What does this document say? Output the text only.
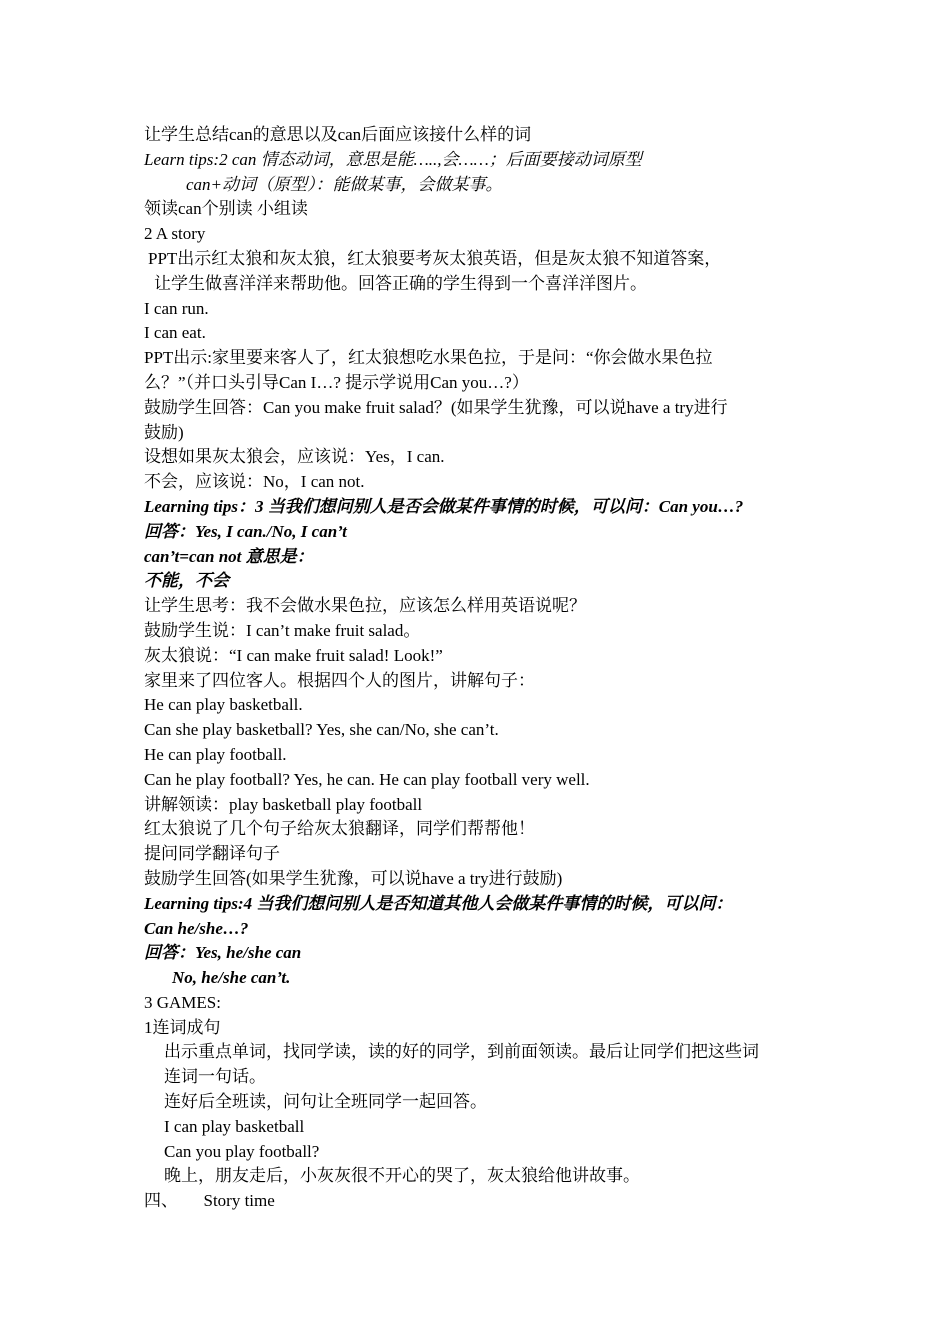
让学生总结can的意思以及can后面应该接什么样的词
Learn tips:2 can 情态动词，意思是能…..,会……；后面要接动词原型
can+动词（原型）：能做某事，会做某事。
领读can个别读 小组读
2 A story
PPT出示红太狼和灰太狼，红太狼要考灰太狼英语，但是灰太狼不知道答案，
让学生做喜洋洋来帮助他。回答正确的学生得到一个喜洋洋图片。
I can run.
I can eat.
PPT出示:家里要来客人了，红太狼想吃水果色拉，于是问：“你会做水果色拉
么？”（并口头引导Can I…? 提示学说用Can you…?）
鼓励学生回答：Can you make fruit salad？(如果学生犹豫，可以说have a try进行
鼓励)
设想如果灰太狼会，应该说：Yes，I can.
不会，应该说：No，I can not.
Learning tips：3 当我们想问别人是否会做某件事情的时候，可以问：Can you…?
回答：Yes, I can./No, I can’t
can’t=can not 意思是：
不能，不会
让学生思考：我不会做水果色拉，应该怎么样用英语说呢？
鼓励学生说：I can’t make fruit salad。
灰太狼说：“I can make fruit salad! Look!”
家里来了四位客人。根据四个人的图片，讲解句子：
He can play basketball.
Can she play basketball? Yes, she can/No, she can’t.
He can play football.
Can he play football? Yes, he can. He can play football very well.
讲解领读：play basketball play football
红太狼说了几个句子给灰太狼翻译，同学们帮帮他！
提问同学翻译句子
鼓励学生回答(如果学生犹豫，可以说have a try进行鼓励)
Learning tips:4 当我们想问别人是否知道其他人会做某件事情的时候，可以问：
Can he/she…?
回答：Yes, he/she can
No, he/she can’t.
3 GAMES:
1连词成句
出示重点单词，找同学读，读的好的同学，到前面领读。最后让同学们把这些词
连词一句话。
连好后全班读，问句让全班同学一起回答。
I can play basketball
Can you play football?
晚上，朋友走后，小灰灰很不开心的哭了，灰太狼给他讲故事。
四、      Story time
